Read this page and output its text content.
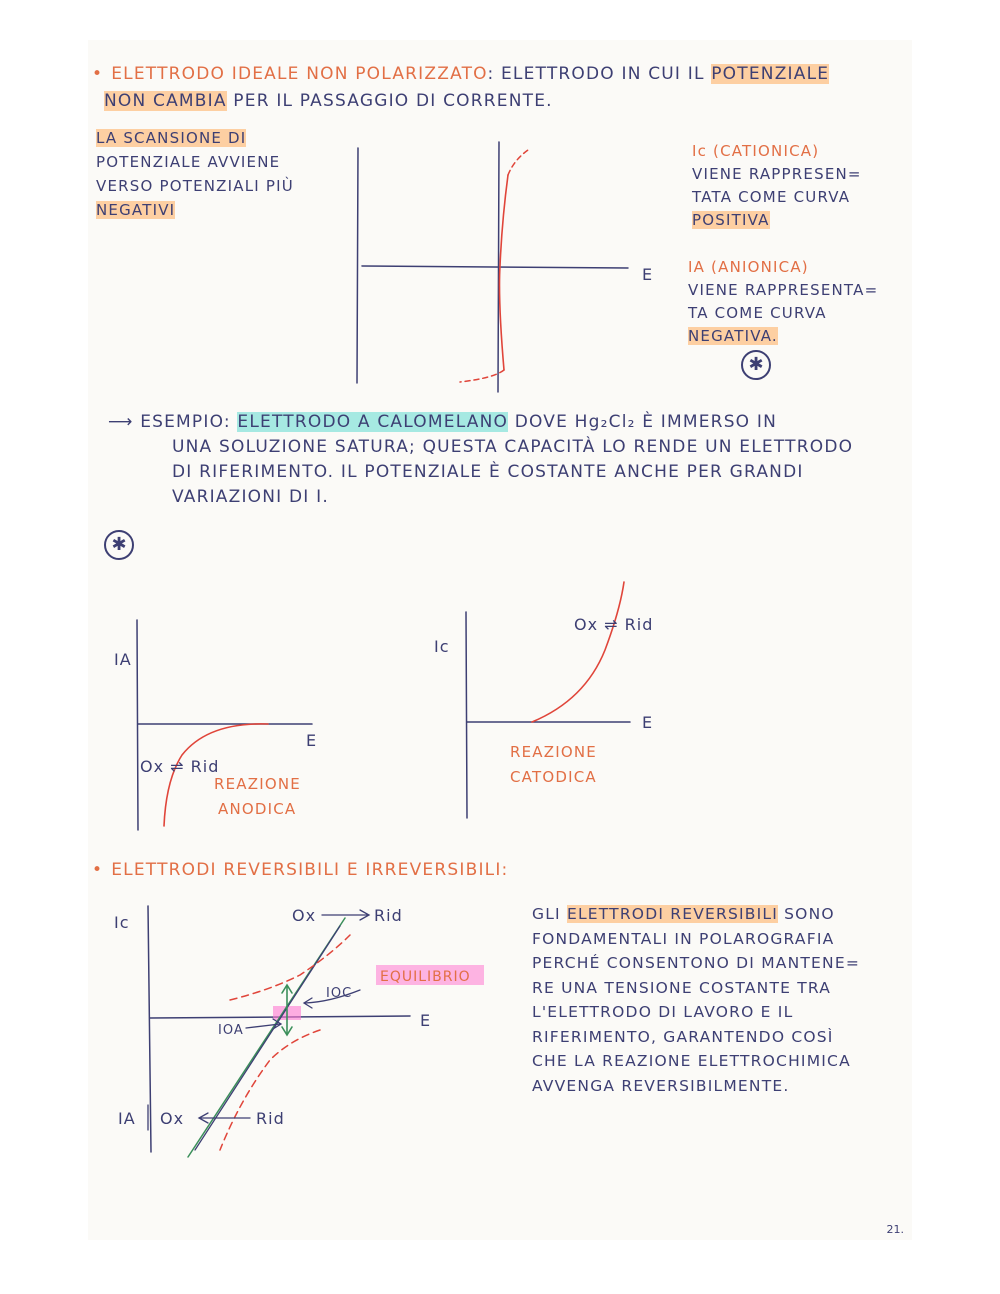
• ELETTRODO IDEALE NON POLARIZZATO: ELETTRODO IN CUI IL POTENZIALE
NON CAMBIA PER IL PASSAGGIO DI CORRENTE.
LA SCANSIONE DI
POTENZIALE AVVIENE
VERSO POTENZIALI PIÙ
NEGATIVI
Ic (CATIONICA)
VIENE RAPPRESEN=
TATA COME CURVA
POSITIVA
IA (ANIONICA)
VIENE RAPPRESENTA=
TA COME CURVA
NEGATIVA.
✱
⟶ ESEMPIO: ELETTRODO A CALOMELANO DOVE Hg₂Cl₂ È IMMERSO IN
UNA SOLUZIONE SATURA; QUESTA CAPACITÀ LO RENDE UN ELETTRODO
DI RIFERIMENTO. IL POTENZIALE È COSTANTE ANCHE PER GRANDI
VARIAZIONI DI I.
✱
REAZIONE
ANODICA
REAZIONE
CATODICA
• ELETTRODI REVERSIBILI E IRREVERSIBILI:
GLI ELETTRODI REVERSIBILI SONO
FONDAMENTALI IN POLAROGRAFIA
PERCHÉ CONSENTONO DI MANTENE=
RE UNA TENSIONE COSTANTE TRA
L'ELETTRODO DI LAVORO E IL
RIFERIMENTO, GARANTENDO COSÌ
CHE LA REAZIONE ELETTROCHIMICA
AVVENGA REVERSIBILMENTE.
E
IA
E
Ox ⇌ Rid
Ic
E
Ox ⇌ Rid
Ic
IA
E
Ox	Rid
Ox	Rid
EQUILIBRIO
IOC
IOA
21.
